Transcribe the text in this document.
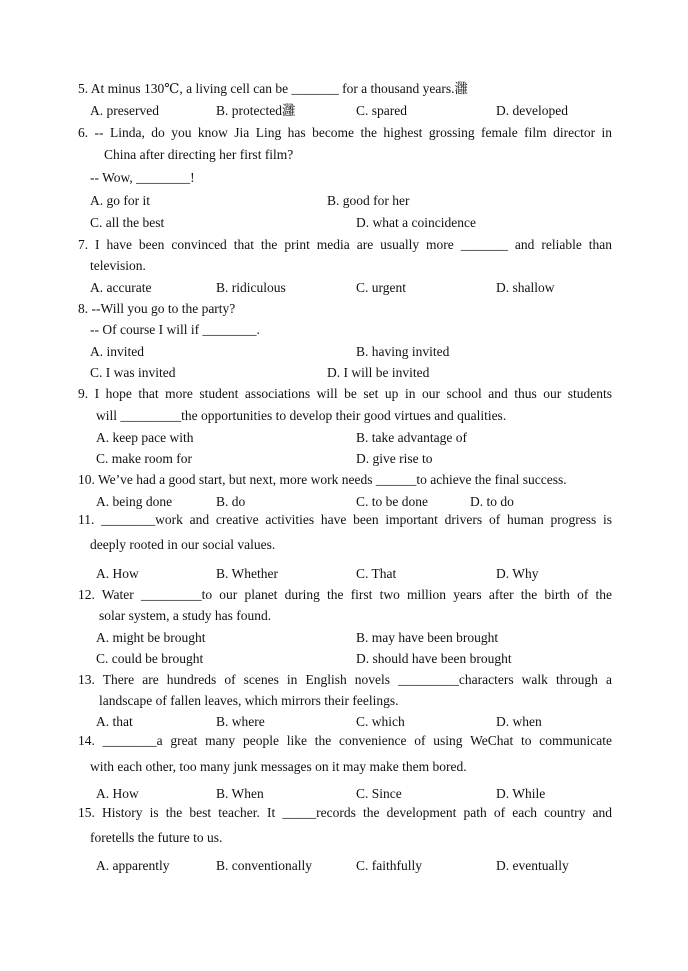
5. At minus 130℃, a living cell can be _______ for a thousand years.灉
A. preserved	B. protected灉	C. spared	D. developed
6. -- Linda, do you know Jia Ling has become the highest grossing female film director in
China after directing her first film?
-- Wow, ________!
A. go for it	B. good for her
C. all the best	D. what a coincidence
7. I have been convinced that the print media are usually more _______ and reliable than
television.
A. accurate	B. ridiculous	C. urgent	D. shallow
8. --Will you go to the party?
-- Of course I will if ________.
A. invited	B. having invited
C. I was invited	D. I will be invited
9. I hope that more student associations will be set up in our school and thus our students
will _________the opportunities to develop their good virtues and qualities.
A. keep pace with	B. take advantage of
C. make room for	D. give rise to
10. We’ve had a good start, but next, more work needs ______to achieve the final success.
A. being done	B. do	C. to be done	D. to do
11. ________work and creative activities have been important drivers of human progress is
deeply rooted in our social values.
A. How	B. Whether	C. That	D. Why
12. Water _________to our planet during the first two million years after the birth of the
solar system, a study has found.
A. might be brought	B. may have been brought
C. could be brought	D. should have been brought
13. There are hundreds of scenes in English novels _________characters walk through a
landscape of fallen leaves, which mirrors their feelings.
A. that	B. where	C. which	D. when
14. ________a great many people like the convenience of using WeChat to communicate
with each other, too many junk messages on it may make them bored.
A. How	B. When	C. Since	D. While
15. History is the best teacher. It _____records the development path of each country and
foretells the future to us.
A. apparently	B. conventionally	C. faithfully	D. eventually
